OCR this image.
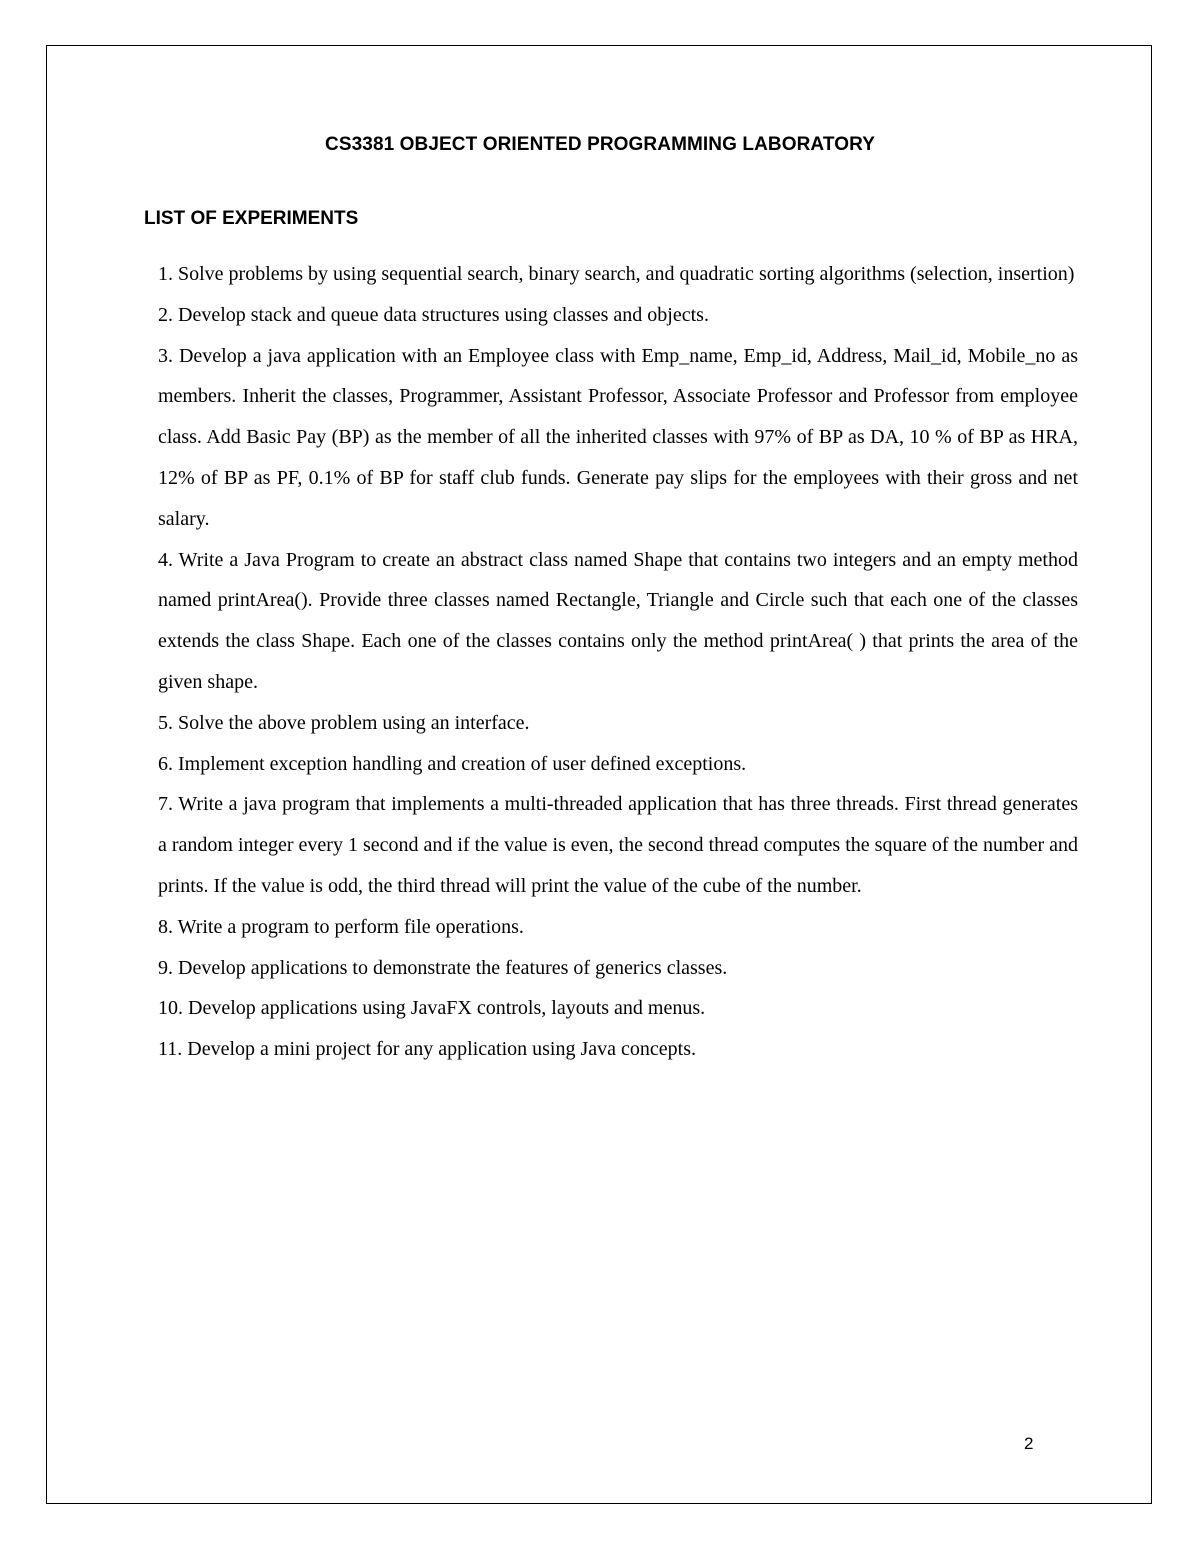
CS3381 OBJECT ORIENTED PROGRAMMING LABORATORY
LIST OF EXPERIMENTS
1. Solve problems by using sequential search, binary search, and quadratic sorting algorithms (selection, insertion)
2. Develop stack and queue data structures using classes and objects.
3. Develop a java application with an Employee class with Emp_name, Emp_id, Address, Mail_id, Mobile_no as members. Inherit the classes, Programmer, Assistant Professor, Associate Professor and Professor from employee class. Add Basic Pay (BP) as the member of all the inherited classes with 97% of BP as DA, 10 % of BP as HRA, 12% of BP as PF, 0.1% of BP for staff club funds. Generate pay slips for the employees with their gross and net salary.
4. Write a Java Program to create an abstract class named Shape that contains two integers and an empty method named printArea(). Provide three classes named Rectangle, Triangle and Circle such that each one of the classes extends the class Shape. Each one of the classes contains only the method printArea( ) that prints the area of the given shape.
5. Solve the above problem using an interface.
6. Implement exception handling and creation of user defined exceptions.
7. Write a java program that implements a multi-threaded application that has three threads. First thread generates a random integer every 1 second and if the value is even, the second thread computes the square of the number and prints. If the value is odd, the third thread will print the value of the cube of the number.
8. Write a program to perform file operations.
9. Develop applications to demonstrate the features of generics classes.
10. Develop applications using JavaFX controls, layouts and menus.
11. Develop a mini project for any application using Java concepts.
2
